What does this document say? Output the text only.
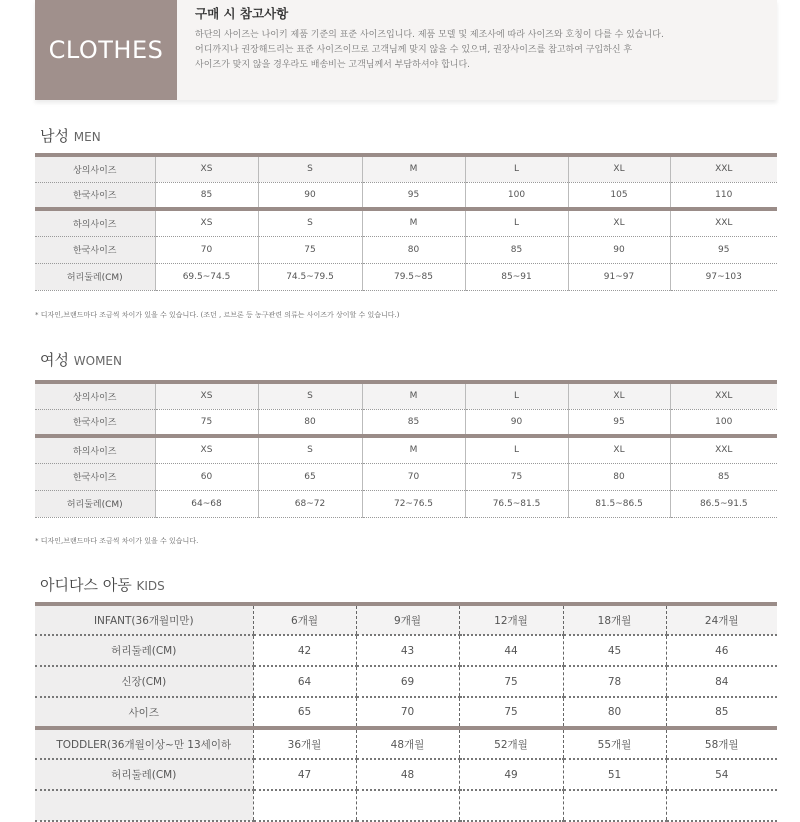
CLOTHES
구매 시 참고사항

하단의 사이즈는 나이키 제품 기준의 표준 사이즈입니다. 제품 모델 및 제조사에 따라 사이즈와 호칭이 다를 수 있습니다.

어디까지나 권장해드리는 표준 사이즈이므로 고객님께 맞지 않을 수 있으며, 권장사이즈를 참고하여 구입하신 후

사이즈가 맞지 않을 경우라도 배송비는 고객님께서 부담하셔야 합니다.

남성 MEN
상의사이즈	XS	S	M	L	XL	XXL
한국사이즈	85	90	95	100	105	110
하의사이즈	XS	S	M	L	XL	XXL
한국사이즈	70	75	80	85	90	95
허리둘레(CM)	69.5~74.5	74.5~79.5	79.5~85	85~91	91~97	97~103
* 디자인,브랜드마다 조금씩 차이가 있을 수 있습니다. (조던 , 르브론 등 농구관련 의류는 사이즈가 상이할 수 있습니다.)
여성 WOMEN
상의사이즈	XS	S	M	L	XL	XXL
한국사이즈	75	80	85	90	95	100
하의사이즈	XS	S	M	L	XL	XXL
한국사이즈	60	65	70	75	80	85
허리둘레(CM)	64~68	68~72	72~76.5	76.5~81.5	81.5~86.5	86.5~91.5
* 디자인,브랜드마다 조금씩 차이가 있을 수 있습니다.
아디다스 아동 KIDS
INFANT(36개월미만)	6개월	9개월	12개월	18개월	24개월
허리둘레(CM)	42	43	44	45	46
신장(CM)	64	69	75	78	84
사이즈	65	70	75	80	85
TODDLER(36개월이상~만 13세이하	36개월	48개월	52개월	55개월	58개월
허리둘레(CM)	47	48	49	51	54
